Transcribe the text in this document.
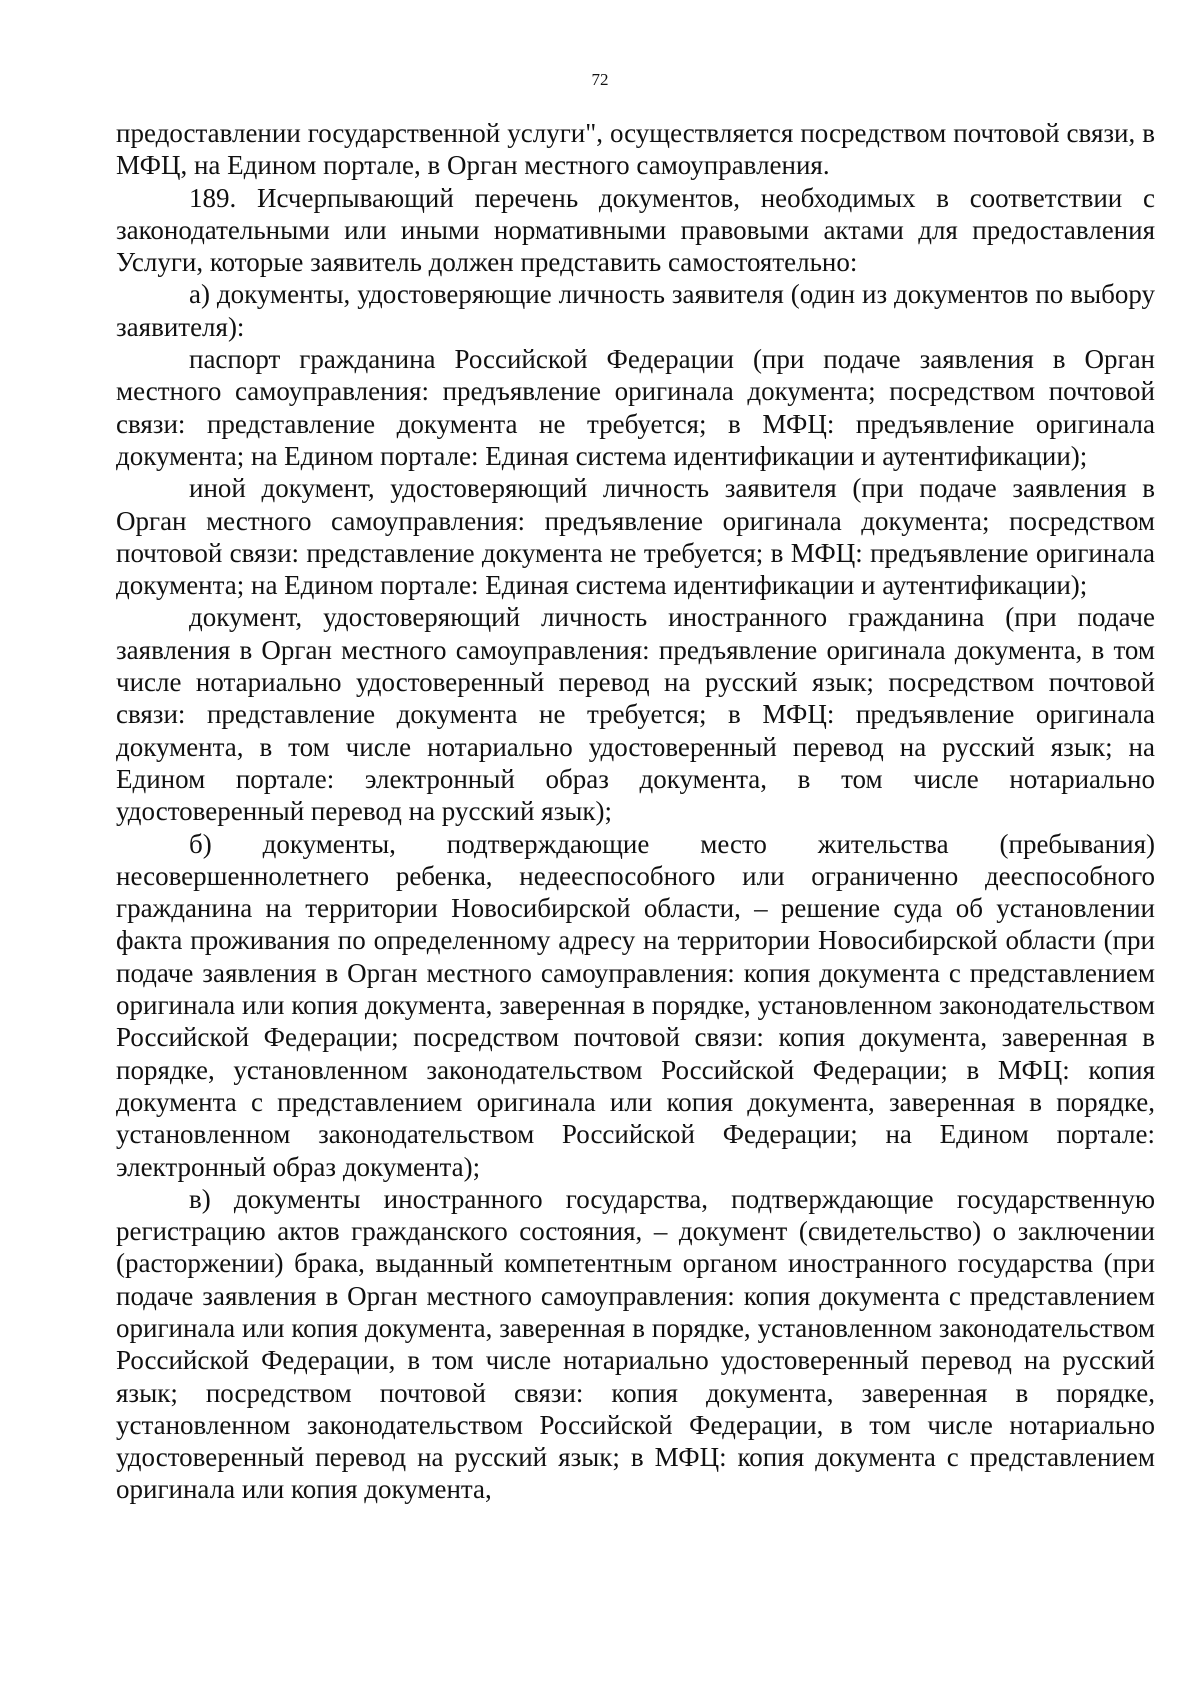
72

предоставлении государственной услуги", осуществляется посредством почтовой связи, в МФЦ, на Едином портале, в Орган местного самоуправления.

189. Исчерпывающий перечень документов, необходимых в соответствии с законодательными или иными нормативными правовыми актами для предоставления Услуги, которые заявитель должен представить самостоятельно:

а) документы, удостоверяющие личность заявителя (один из документов по выбору заявителя):

паспорт гражданина Российской Федерации (при подаче заявления в Орган местного самоуправления: предъявление оригинала документа; посредством почтовой связи: представление документа не требуется; в МФЦ: предъявление оригинала документа; на Едином портале: Единая система идентификации и аутентификации);

иной документ, удостоверяющий личность заявителя (при подаче заявления в Орган местного самоуправления: предъявление оригинала документа; посредством почтовой связи: представление документа не требуется; в МФЦ: предъявление оригинала документа; на Едином портале: Единая система идентификации и аутентификации);

документ, удостоверяющий личность иностранного гражданина (при подаче заявления в Орган местного самоуправления: предъявление оригинала документа, в том числе нотариально удостоверенный перевод на русский язык; посредством почтовой связи: представление документа не требуется; в МФЦ: предъявление оригинала документа, в том числе нотариально удостоверенный перевод на русский язык; на Едином портале: электронный образ документа, в том числе нотариально удостоверенный перевод на русский язык);

б) документы, подтверждающие место жительства (пребывания) несовершеннолетнего ребенка, недееспособного или ограниченно дееспособного гражданина на территории Новосибирской области, – решение суда об установлении факта проживания по определенному адресу на территории Новосибирской области (при подаче заявления в Орган местного самоуправления: копия документа с представлением оригинала или копия документа, заверенная в порядке, установленном законодательством Российской Федерации; посредством почтовой связи: копия документа, заверенная в порядке, установленном законодательством Российской Федерации; в МФЦ: копия документа с представлением оригинала или копия документа, заверенная в порядке, установленном законодательством Российской Федерации; на Едином портале: электронный образ документа);

в) документы иностранного государства, подтверждающие государственную регистрацию актов гражданского состояния, – документ (свидетельство) о заключении (расторжении) брака, выданный компетентным органом иностранного государства (при подаче заявления в Орган местного самоуправления: копия документа с представлением оригинала или копия документа, заверенная в порядке, установленном законодательством Российской Федерации, в том числе нотариально удостоверенный перевод на русский язык; посредством почтовой связи: копия документа, заверенная в порядке, установленном законодательством Российской Федерации, в том числе нотариально удостоверенный перевод на русский язык; в МФЦ: копия документа с представлением оригинала или копия документа,
